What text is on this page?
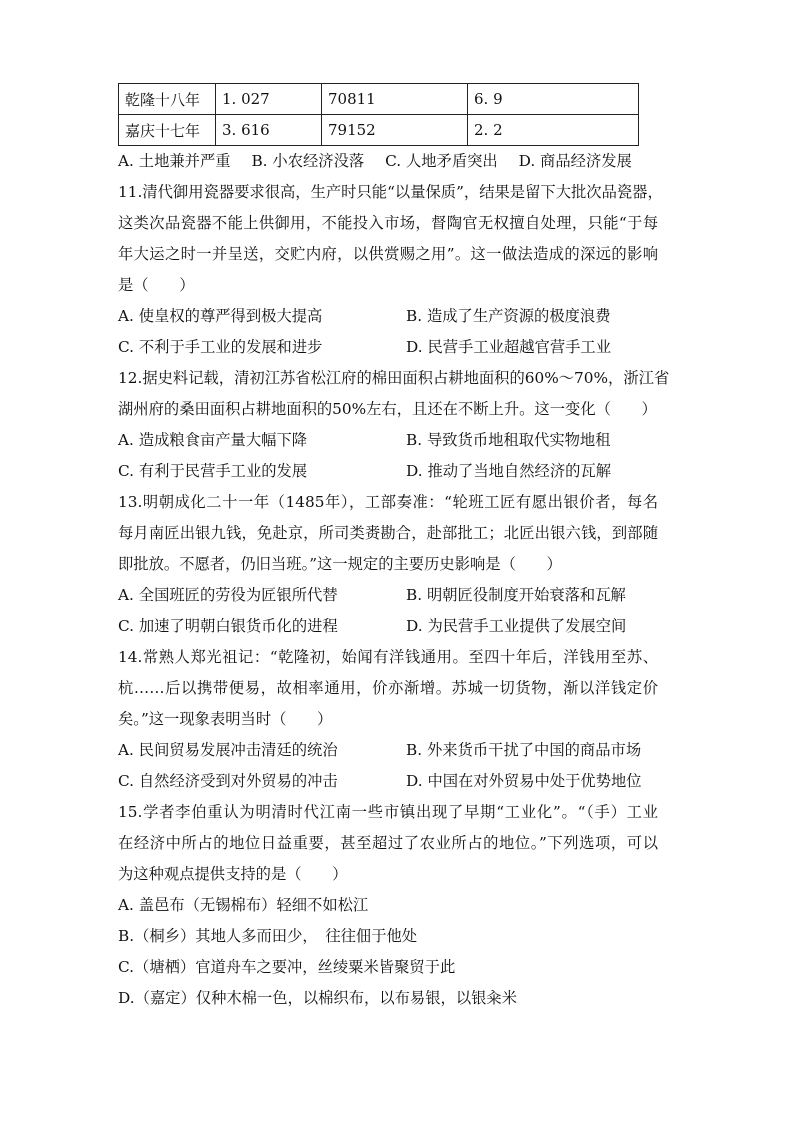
乾隆十八年	1. 027	70811	6. 9
嘉庆十七年	3. 616	79152	2. 2
A. 土地兼并严重 B. 小农经济没落 C. 人地矛盾突出 D. 商品经济发展
11.清代御用瓷器要求很高，生产时只能“以量保质”，结果是留下大批次品瓷器，
这类次品瓷器不能上供御用，不能投入市场，督陶官无权擅自处理，只能“于每
年大运之时一并呈送，交贮内府，以供赏赐之用”。这一做法造成的深远的影响
是（　　）
A. 使皇权的尊严得到极大提高	B. 造成了生产资源的极度浪费
C. 不利于手工业的发展和进步	D. 民营手工业超越官营手工业
12.据史料记载，清初江苏省松江府的棉田面积占耕地面积的60%～70%，浙江省
湖州府的桑田面积占耕地面积的50%左右，且还在不断上升。这一变化（　　）
A. 造成粮食亩产量大幅下降	B. 导致货币地租取代实物地租
C. 有利于民营手工业的发展	D. 推动了当地自然经济的瓦解
13.明朝成化二十一年（1485年），工部奏准：“轮班工匠有愿出银价者，每名
每月南匠出银九钱，免赴京，所司类赉勘合，赴部批工；北匠出银六钱，到部随
即批放。不愿者，仍旧当班。”这一规定的主要历史影响是（　　）
A. 全国班匠的劳役为匠银所代替	B. 明朝匠役制度开始衰落和瓦解
C. 加速了明朝白银货币化的进程	D. 为民营手工业提供了发展空间
14.常熟人郑光祖记：“乾隆初，始闻有洋钱通用。至四十年后，洋钱用至苏、
杭……后以携带便易，故相率通用，价亦渐增。苏城一切货物，渐以洋钱定价
矣。”这一现象表明当时（　　）
A. 民间贸易发展冲击清廷的统治	B. 外来货币干扰了中国的商品市场
C. 自然经济受到对外贸易的冲击	D. 中国在对外贸易中处于优势地位
15.学者李伯重认为明清时代江南一些市镇出现了早期“工业化”。“（手）工业
在经济中所占的地位日益重要，甚至超过了农业所占的地位。”下列选项，可以
为这种观点提供支持的是（　　）
A. 盖邑布（无锡棉布）轻细不如松江
B.（桐乡）其地人多而田少，　往往佃于他处
C.（塘栖）官道舟车之要冲，丝绫粟米皆聚贸于此
D.（嘉定）仅种木棉一色，以棉织布，以布易银，以银籴米
